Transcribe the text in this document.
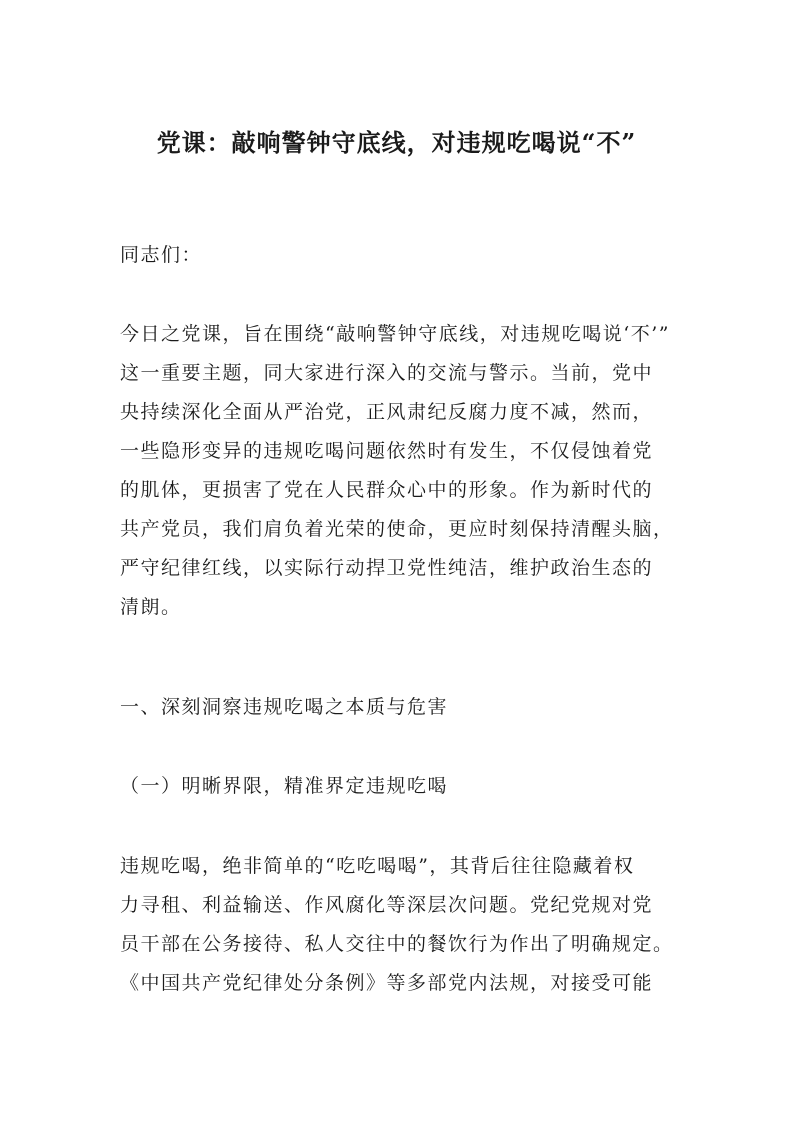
党课：敲响警钟守底线，对违规吃喝说“不”

同志们：

今日之党课，旨在围绕“敲响警钟守底线，对违规吃喝说‘不’”
这一重要主题，同大家进行深入的交流与警示。当前，党中
央持续深化全面从严治党，正风肃纪反腐力度不减，然而，
一些隐形变异的违规吃喝问题依然时有发生，不仅侵蚀着党
的肌体，更损害了党在人民群众心中的形象。作为新时代的
共产党员，我们肩负着光荣的使命，更应时刻保持清醒头脑，
严守纪律红线，以实际行动捍卫党性纯洁，维护政治生态的
清朗。

一、深刻洞察违规吃喝之本质与危害

（一）明晰界限，精准界定违规吃喝

违规吃喝，绝非简单的“吃吃喝喝”，其背后往往隐藏着权
力寻租、利益输送、作风腐化等深层次问题。党纪党规对党
员干部在公务接待、私人交往中的餐饮行为作出了明确规定。
《中国共产党纪律处分条例》等多部党内法规，对接受可能
